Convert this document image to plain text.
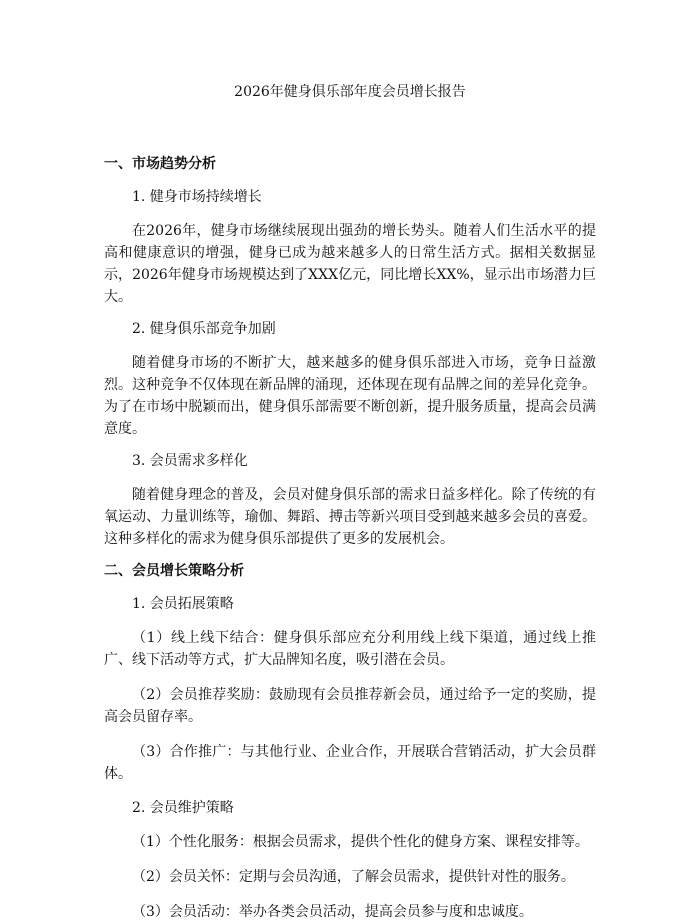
2026年健身俱乐部年度会员增长报告
一、市场趋势分析
1. 健身市场持续增长

在2026年，健身市场继续展现出强劲的增长势头。随着人们生活水平的提高和健康意识的增强，健身已成为越来越多人的日常生活方式。据相关数据显示，2026年健身市场规模达到了XXX亿元，同比增长XX%，显示出市场潜力巨大。

2. 健身俱乐部竞争加剧

随着健身市场的不断扩大，越来越多的健身俱乐部进入市场，竞争日益激烈。这种竞争不仅体现在新品牌的涌现，还体现在现有品牌之间的差异化竞争。为了在市场中脱颖而出，健身俱乐部需要不断创新，提升服务质量，提高会员满意度。

3. 会员需求多样化

随着健身理念的普及，会员对健身俱乐部的需求日益多样化。除了传统的有氧运动、力量训练等，瑜伽、舞蹈、搏击等新兴项目受到越来越多会员的喜爱。这种多样化的需求为健身俱乐部提供了更多的发展机会。

二、会员增长策略分析
1. 会员拓展策略

（1）线上线下结合：健身俱乐部应充分利用线上线下渠道，通过线上推广、线下活动等方式，扩大品牌知名度，吸引潜在会员。

（2）会员推荐奖励：鼓励现有会员推荐新会员，通过给予一定的奖励，提高会员留存率。

（3）合作推广：与其他行业、企业合作，开展联合营销活动，扩大会员群体。

2. 会员维护策略

（1）个性化服务：根据会员需求，提供个性化的健身方案、课程安排等。

（2）会员关怀：定期与会员沟通，了解会员需求，提供针对性的服务。

（3）会员活动：举办各类会员活动，提高会员参与度和忠诚度。
